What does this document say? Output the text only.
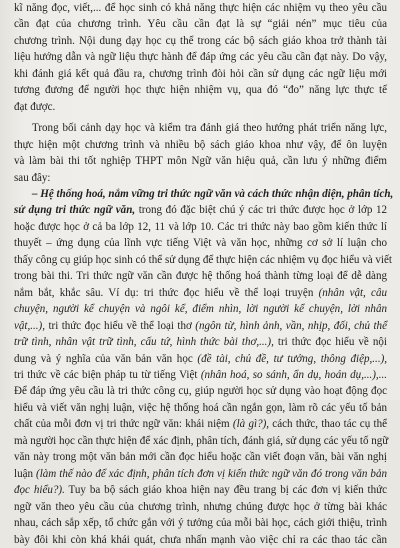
kĩ năng đọc, viết,... để học sinh có khả năng thực hiện các nhiệm vụ theo yêu cầu
cần đạt của chương trình. Yêu cầu cần đạt là sự “giải nén” mục tiêu của
chương trình. Nội dung dạy học cụ thể trong các bộ sách giáo khoa trở thành tài
liệu hướng dẫn và ngữ liệu thực hành để đáp ứng các yêu cầu cần đạt này. Do vậy,
khi đánh giá kết quả đầu ra, chương trình đòi hỏi cần sử dụng các ngữ liệu mới
tương đương để người học thực hiện nhiệm vụ, qua đó “đo” năng lực thực tế
đạt được.
Trong bối cảnh dạy học và kiểm tra đánh giá theo hướng phát triển năng lực,
thực hiện một chương trình và nhiều bộ sách giáo khoa như vậy, để ôn luyện
và làm bài thi tốt nghiệp THPT môn Ngữ văn hiệu quả, cần lưu ý những điểm
sau đây:
– Hệ thống hoá, nắm vững tri thức ngữ văn và cách thức nhận diện, phân tích,
sử dụng tri thức ngữ văn, trong đó đặc biệt chú ý các tri thức được học ở lớp 12
hoặc được học ở cả ba lớp 12, 11 và lớp 10. Các tri thức này bao gồm kiến thức lí
thuyết – ứng dụng của lĩnh vực tiếng Việt và văn học, những cơ sở lí luận cho
thấy công cụ giúp học sinh có thể sử dụng để thực hiện các nhiệm vụ đọc hiểu và viết
trong bài thi. Tri thức ngữ văn cần được hệ thống hoá thành từng loại để dễ dàng
nắm bắt, khắc sâu. Ví dụ: tri thức đọc hiểu về thể loại truyện (nhân vật, câu
chuyện, người kể chuyện và ngôi kể, điểm nhìn, lời người kể chuyện, lời nhân
vật,...), tri thức đọc hiểu về thể loại thơ (ngôn từ, hình ảnh, vần, nhịp, đối, chủ thể
trữ tình, nhân vật trữ tình, cấu tứ, hình thức bài thơ,...), tri thức đọc hiểu về nội
dung và ý nghĩa của văn bản văn học (đề tài, chủ đề, tư tưởng, thông điệp,...),
tri thức về các biện pháp tu từ tiếng Việt (nhân hoá, so sánh, ẩn dụ, hoán dụ,...),...
Để đáp ứng yêu cầu là tri thức công cụ, giúp người học sử dụng vào hoạt động đọc
hiểu và viết văn nghị luận, việc hệ thống hoá cần ngắn gọn, làm rõ các yếu tố bản
chất của mỗi đơn vị tri thức ngữ văn: khái niệm (là gì?), cách thức, thao tác cụ thể
mà người học cần thực hiện để xác định, phân tích, đánh giá, sử dụng các yếu tố ngữ
văn này trong một văn bản mới cần đọc hiểu hoặc cần viết đoạn văn, bài văn nghị
luận (làm thế nào để xác định, phân tích đơn vị kiến thức ngữ văn đó trong văn bản
đọc hiểu?). Tuy ba bộ sách giáo khoa hiện nay đều trang bị các đơn vị kiến thức
ngữ văn theo yêu cầu của chương trình, nhưng chúng được học ở từng bài khác
nhau, cách sắp xếp, tổ chức gắn với ý tưởng của mỗi bài học, cách giới thiệu, trình
bày đôi khi còn khá khái quát, chưa nhấn mạnh vào việc chỉ ra các thao tác cần
